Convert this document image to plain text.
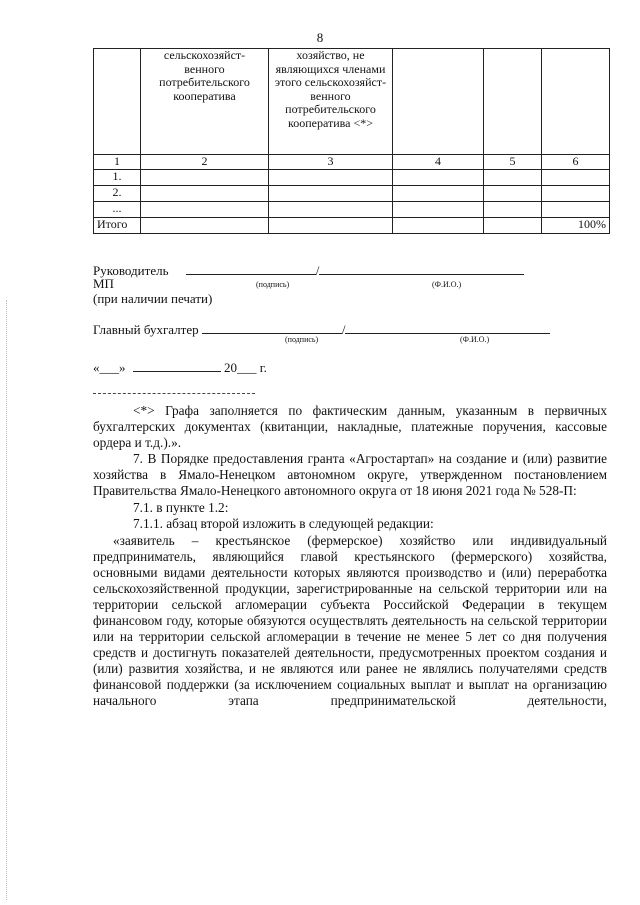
8
	сельскохозяйст-венного потребительского кооператива	хозяйство, не являющихся членами этого сельскохозяйст-венного потребительского кооператива <*>			
1	2	3	4	5	6
1.					
2.					
...					
Итого					100%
Руководитель	/
МП	(подпись)	(Ф.И.О.)
(при наличии печати)
Главный бухгалтер	/
(подпись)	(Ф.И.О.)
«___»	20___ г.
<*> Графа заполняется по фактическим данным, указанным в первичных бухгалтерских документах (квитанции, накладные, платежные поручения, кассовые ордера и т.д.).».
7. В Порядке предоставления гранта «Агростартап» на создание и (или) развитие хозяйства в Ямало-Ненецком автономном округе, утвержденном постановлением Правительства Ямало-Ненецкого автономного округа от 18 июня 2021 года № 528-П:
7.1. в пункте 1.2:
7.1.1. абзац второй изложить в следующей редакции:
«заявитель – крестьянское (фермерское) хозяйство или индивидуальный предприниматель, являющийся главой крестьянского (фермерского) хозяйства, основными видами деятельности которых являются производство и (или) переработка сельскохозяйственной продукции, зарегистрированные на сельской территории или на территории сельской агломерации субъекта Российской Федерации в текущем финансовом году, которые обязуются осуществлять деятельность на сельской территории или на территории сельской агломерации в течение не менее 5 лет со дня получения средств и достигнуть показателей деятельности, предусмотренных проектом создания и (или) развития хозяйства, и не являются или ранее не являлись получателями средств финансовой поддержки (за исключением социальных выплат и выплат на организацию начального этапа предпринимательской деятельности,
